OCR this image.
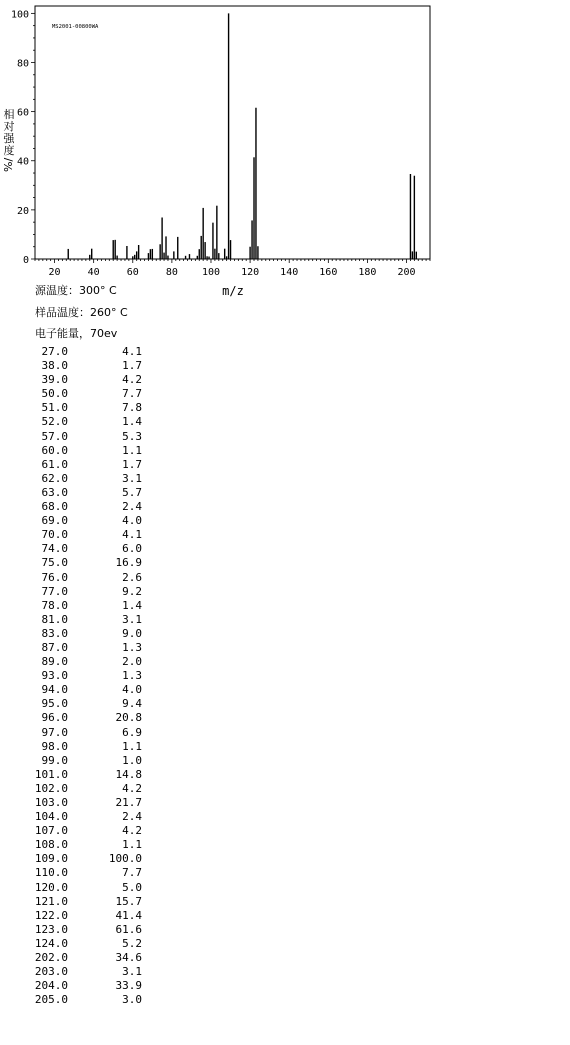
20	40	60	80 100 120 140 160 180 200
0
20
40
60
80
100
MS2001-00800WA
m/z
%/
相
对
强
度
源温度：300° C
样品温度：260° C
电子能量，70ev
27.0	4.1
38.0	1.7
39.0	4.2
50.0	7.7
51.0	7.8
52.0	1.4
57.0	5.3
60.0	1.1
61.0	1.7
62.0	3.1
63.0	5.7
68.0	2.4
69.0	4.0
70.0	4.1
74.0	6.0
75.0	16.9
76.0	2.6
77.0	9.2
78.0	1.4
81.0	3.1
83.0	9.0
87.0	1.3
89.0	2.0
93.0	1.3
94.0	4.0
95.0	9.4
96.0	20.8
97.0	6.9
98.0	1.1
99.0	1.0
101.0	14.8
102.0	4.2
103.0	21.7
104.0	2.4
107.0	4.2
108.0	1.1
109.0	100.0
110.0	7.7
120.0	5.0
121.0	15.7
122.0	41.4
123.0	61.6
124.0	5.2
202.0	34.6
203.0	3.1
204.0	33.9
205.0	3.0
